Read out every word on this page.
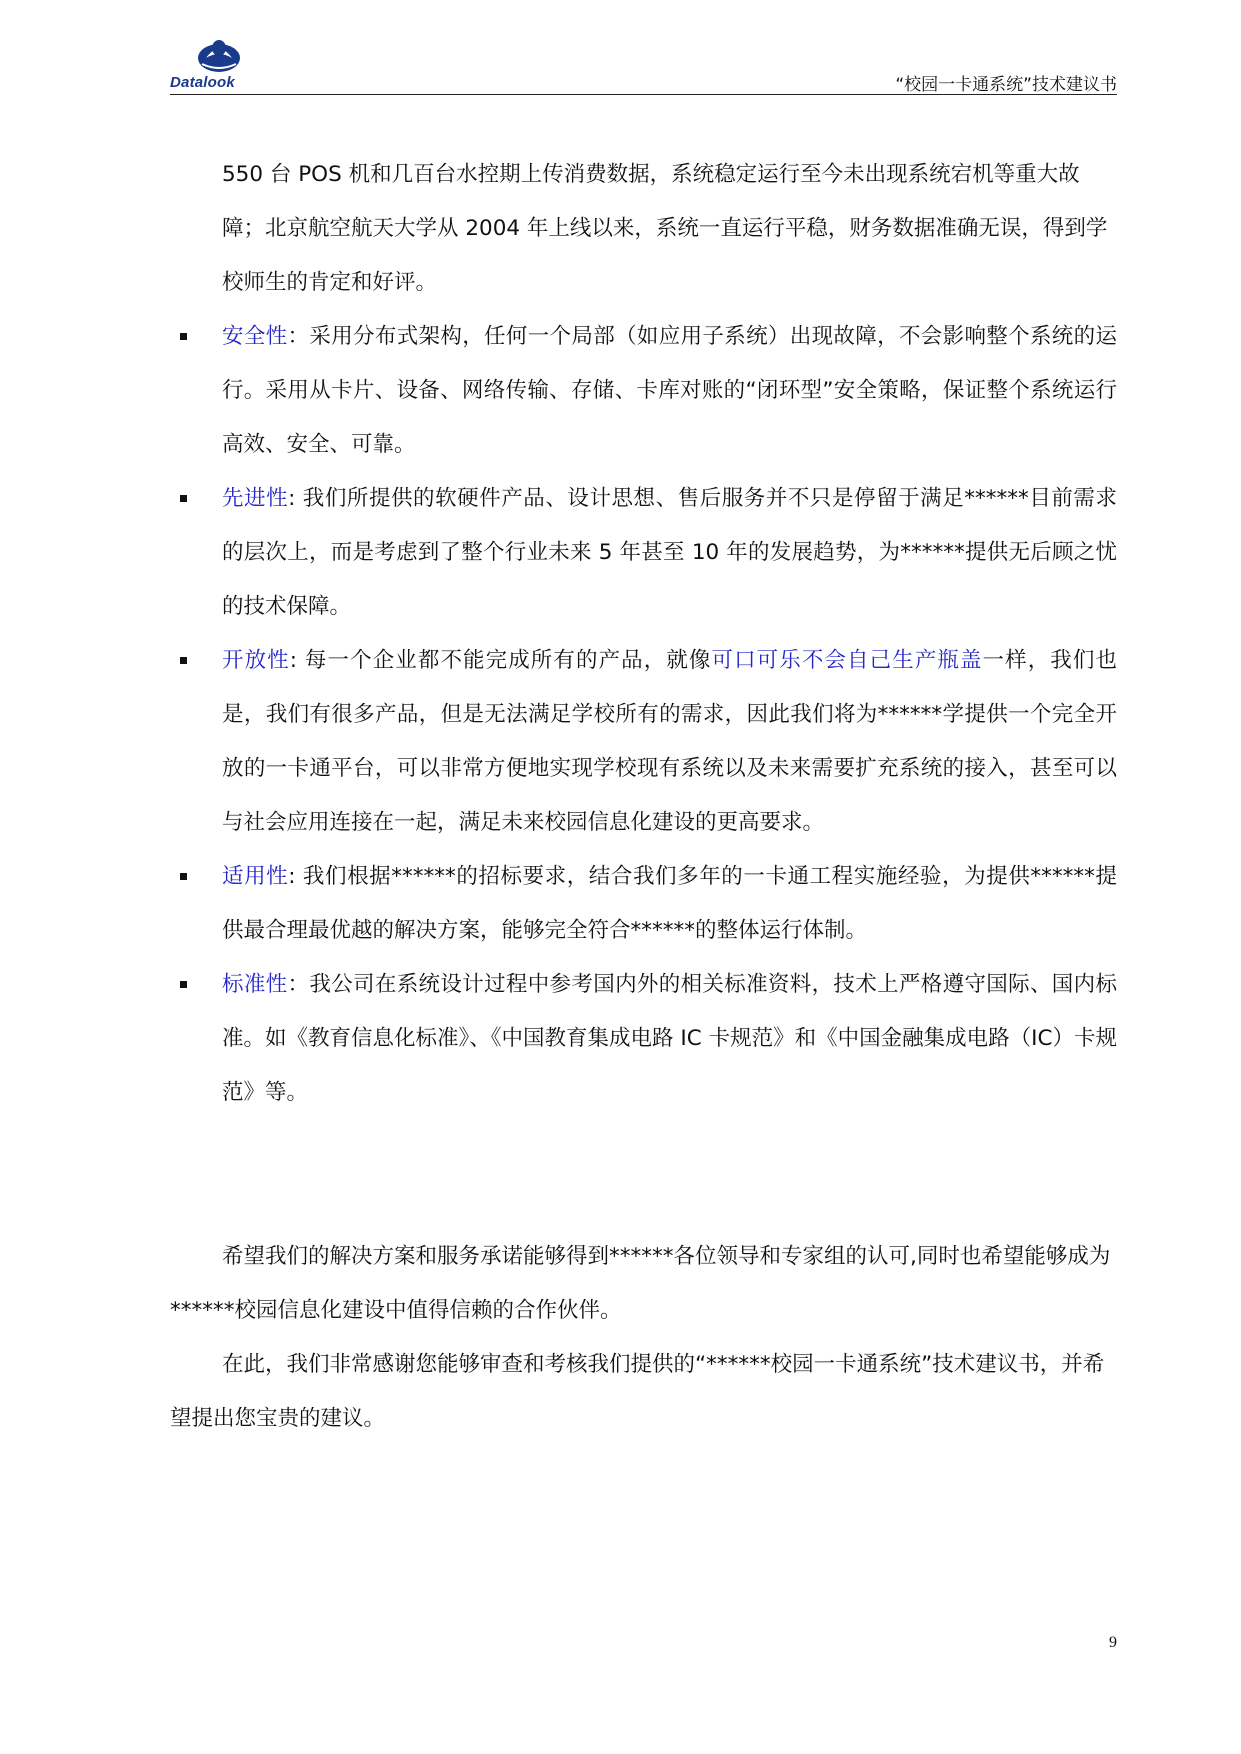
Datalook	“校园一卡通系统”技术建议书
550 台 POS 机和几百台水控期上传消费数据，系统稳定运行至今未出现系统宕机等重大故障；北京航空航天大学从 2004 年上线以来，系统一直运行平稳，财务数据准确无误，得到学校师生的肯定和好评。
安全性：采用分布式架构，任何一个局部（如应用子系统）出现故障，不会影响整个系统的运行。采用从卡片、设备、网络传输、存储、卡库对账的“闭环型”安全策略，保证整个系统运行高效、安全、可靠。
先进性: 我们所提供的软硬件产品、设计思想、售后服务并不只是停留于满足******目前需求的层次上，而是考虑到了整个行业未来 5 年甚至 10 年的发展趋势，为******提供无后顾之忧的技术保障。
开放性: 每一个企业都不能完成所有的产品，就像可口可乐不会自己生产瓶盖一样，我们也是，我们有很多产品，但是无法满足学校所有的需求，因此我们将为******学提供一个完全开放的一卡通平台，可以非常方便地实现学校现有系统以及未来需要扩充系统的接入，甚至可以与社会应用连接在一起，满足未来校园信息化建设的更高要求。
适用性: 我们根据******的招标要求，结合我们多年的一卡通工程实施经验，为提供******提供最合理最优越的解决方案，能够完全符合******的整体运行体制。
标准性：我公司在系统设计过程中参考国内外的相关标准资料，技术上严格遵守国际、国内标准。如《教育信息化标准》、《中国教育集成电路 IC 卡规范》和《中国金融集成电路（IC）卡规范》等。

希望我们的解决方案和服务承诺能够得到******各位领导和专家组的认可,同时也希望能够成为******校园信息化建设中值得信赖的合作伙伴。

在此，我们非常感谢您能够审查和考核我们提供的“******校园一卡通系统”技术建议书，并希望提出您宝贵的建议。

9
